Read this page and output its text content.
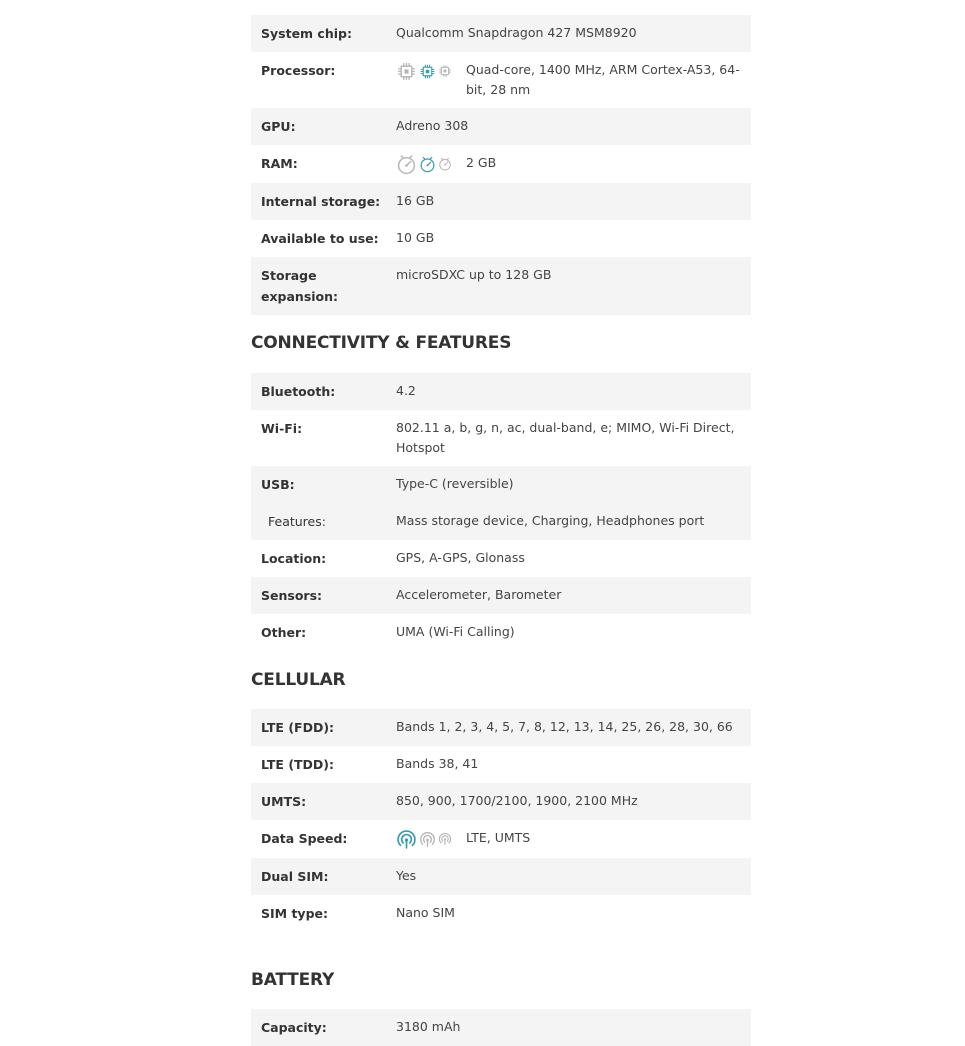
System chip:	Qualcomm Snapdragon 427 MSM8920
Processor:	Quad-core, 1400 MHz, ARM Cortex-A53, 64-bit, 28 nm
GPU:	Adreno 308
RAM:	2 GB
Internal storage:	16 GB
Available to use:	10 GB
Storage expansion:
microSDXC up to 128 GB
CONNECTIVITY & FEATURES
Bluetooth:	4.2
Wi-Fi:	802.11 a, b, g, n, ac, dual-band, e; MIMO, Wi-Fi Direct, Hotspot
USB:	Type-C (reversible)
Features:	Mass storage device, Charging, Headphones port
Location:	GPS, A-GPS, Glonass
Sensors:	Accelerometer, Barometer
Other:	UMA (Wi-Fi Calling)
CELLULAR
LTE (FDD):	Bands 1, 2, 3, 4, 5, 7, 8, 12, 13, 14, 25, 26, 28, 30, 66
LTE (TDD):	Bands 38, 41
UMTS:	850, 900, 1700/2100, 1900, 2100 MHz
Data Speed:	LTE, UMTS
Dual SIM:	Yes
SIM type:	Nano SIM
BATTERY
Capacity:	3180 mAh
